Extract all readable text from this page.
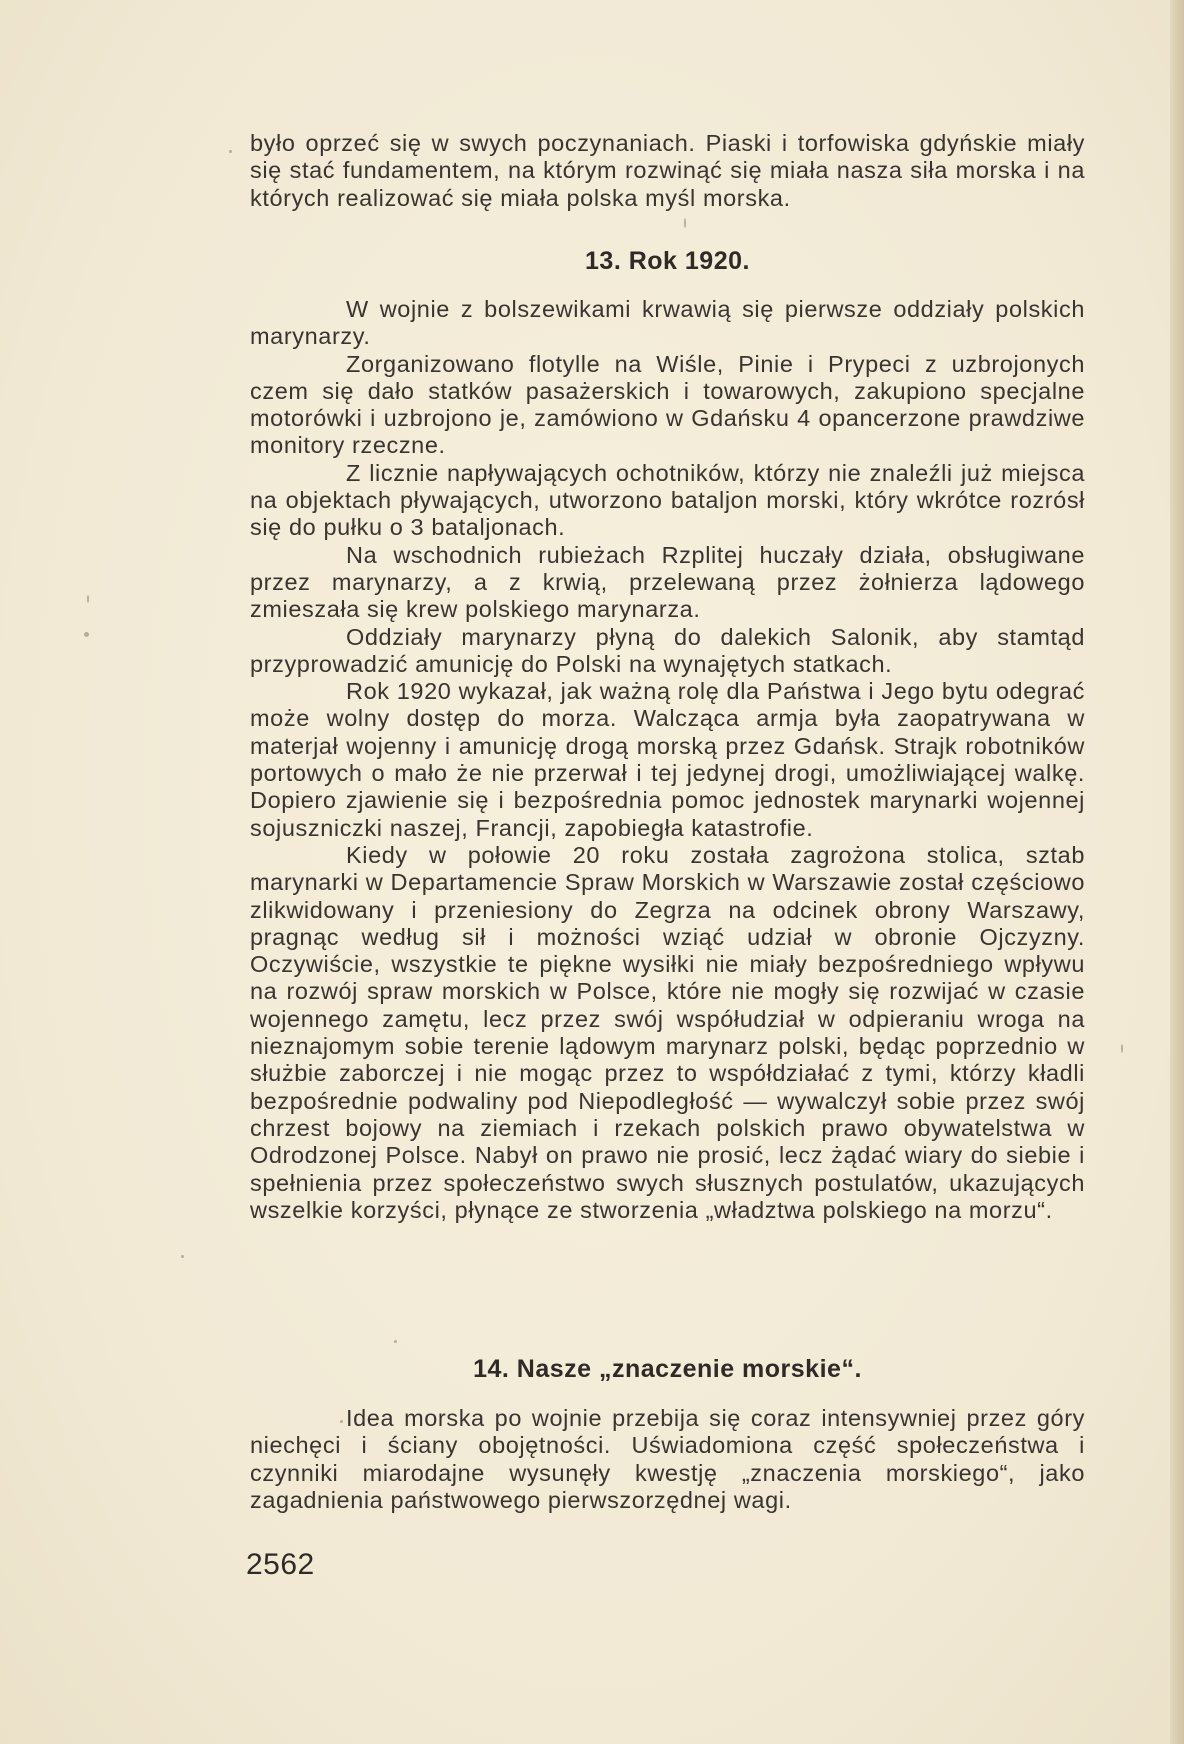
było oprzeć się w swych poczynaniach. Piaski i torfowiska gdyńskie miały się stać fundamentem, na którym rozwinąć się miała nasza siła morska i na których realizować się miała polska myśl morska.

13. Rok 1920.

W wojnie z bolszewikami krwawią się pierwsze oddziały polskich marynarzy.

Zorganizowano flotylle na Wiśle, Pinie i Prypeci z uzbrojonych czem się dało statków pasażerskich i towarowych, zakupiono specjalne motorówki i uzbrojono je, zamówiono w Gdańsku 4 opancerzone prawdziwe monitory rzeczne.

Z licznie napływających ochotników, którzy nie znaleźli już miejsca na objektach pływających, utworzono bataljon morski, który wkrótce rozrósł się do pułku o 3 bataljonach.

Na wschodnich rubieżach Rzplitej huczały działa, obsługiwane przez marynarzy, a z krwią, przelewaną przez żołnierza lądowego zmieszała się krew polskiego marynarza.

Oddziały marynarzy płyną do dalekich Salonik, aby stamtąd przyprowadzić amunicję do Polski na wynajętych statkach.

Rok 1920 wykazał, jak ważną rolę dla Państwa i Jego bytu odegrać może wolny dostęp do morza. Walcząca armja była zaopatrywana w materjał wojenny i amunicję drogą morską przez Gdańsk. Strajk robotników portowych o mało że nie przerwał i tej jedynej drogi, umożliwiającej walkę. Dopiero zjawienie się i bezpośrednia pomoc jednostek marynarki wojennej sojuszniczki naszej, Francji, zapobiegła katastrofie.

Kiedy w połowie 20 roku została zagrożona stolica, sztab marynarki w Departamencie Spraw Morskich w Warszawie został częściowo zlikwidowany i przeniesiony do Zegrza na odcinek obrony Warszawy, pragnąc według sił i możności wziąć udział w obronie Ojczyzny. Oczywiście, wszystkie te piękne wysiłki nie miały bezpośredniego wpływu na rozwój spraw morskich w Polsce, które nie mogły się rozwijać w czasie wojennego zamętu, lecz przez swój współudział w odpieraniu wroga na nieznajomym sobie terenie lądowym marynarz polski, będąc poprzednio w służbie zaborczej i nie mogąc przez to współdziałać z tymi, którzy kładli bezpośrednie podwaliny pod Niepodległość — wywalczył sobie przez swój chrzest bojowy na ziemiach i rzekach polskich prawo obywatelstwa w Odrodzonej Polsce. Nabył on prawo nie prosić, lecz żądać wiary do siebie i spełnienia przez społeczeństwo swych słusznych postulatów, ukazujących wszelkie korzyści, płynące ze stworzenia „władztwa polskiego na morzu“.

14. Nasze „znaczenie morskie“.

Idea morska po wojnie przebija się coraz intensywniej przez góry niechęci i ściany obojętności. Uświadomiona część społeczeństwa i czynniki miarodajne wysunęły kwestję „znaczenia morskiego“, jako zagadnienia państwowego pierwszorzędnej wagi.

2562
